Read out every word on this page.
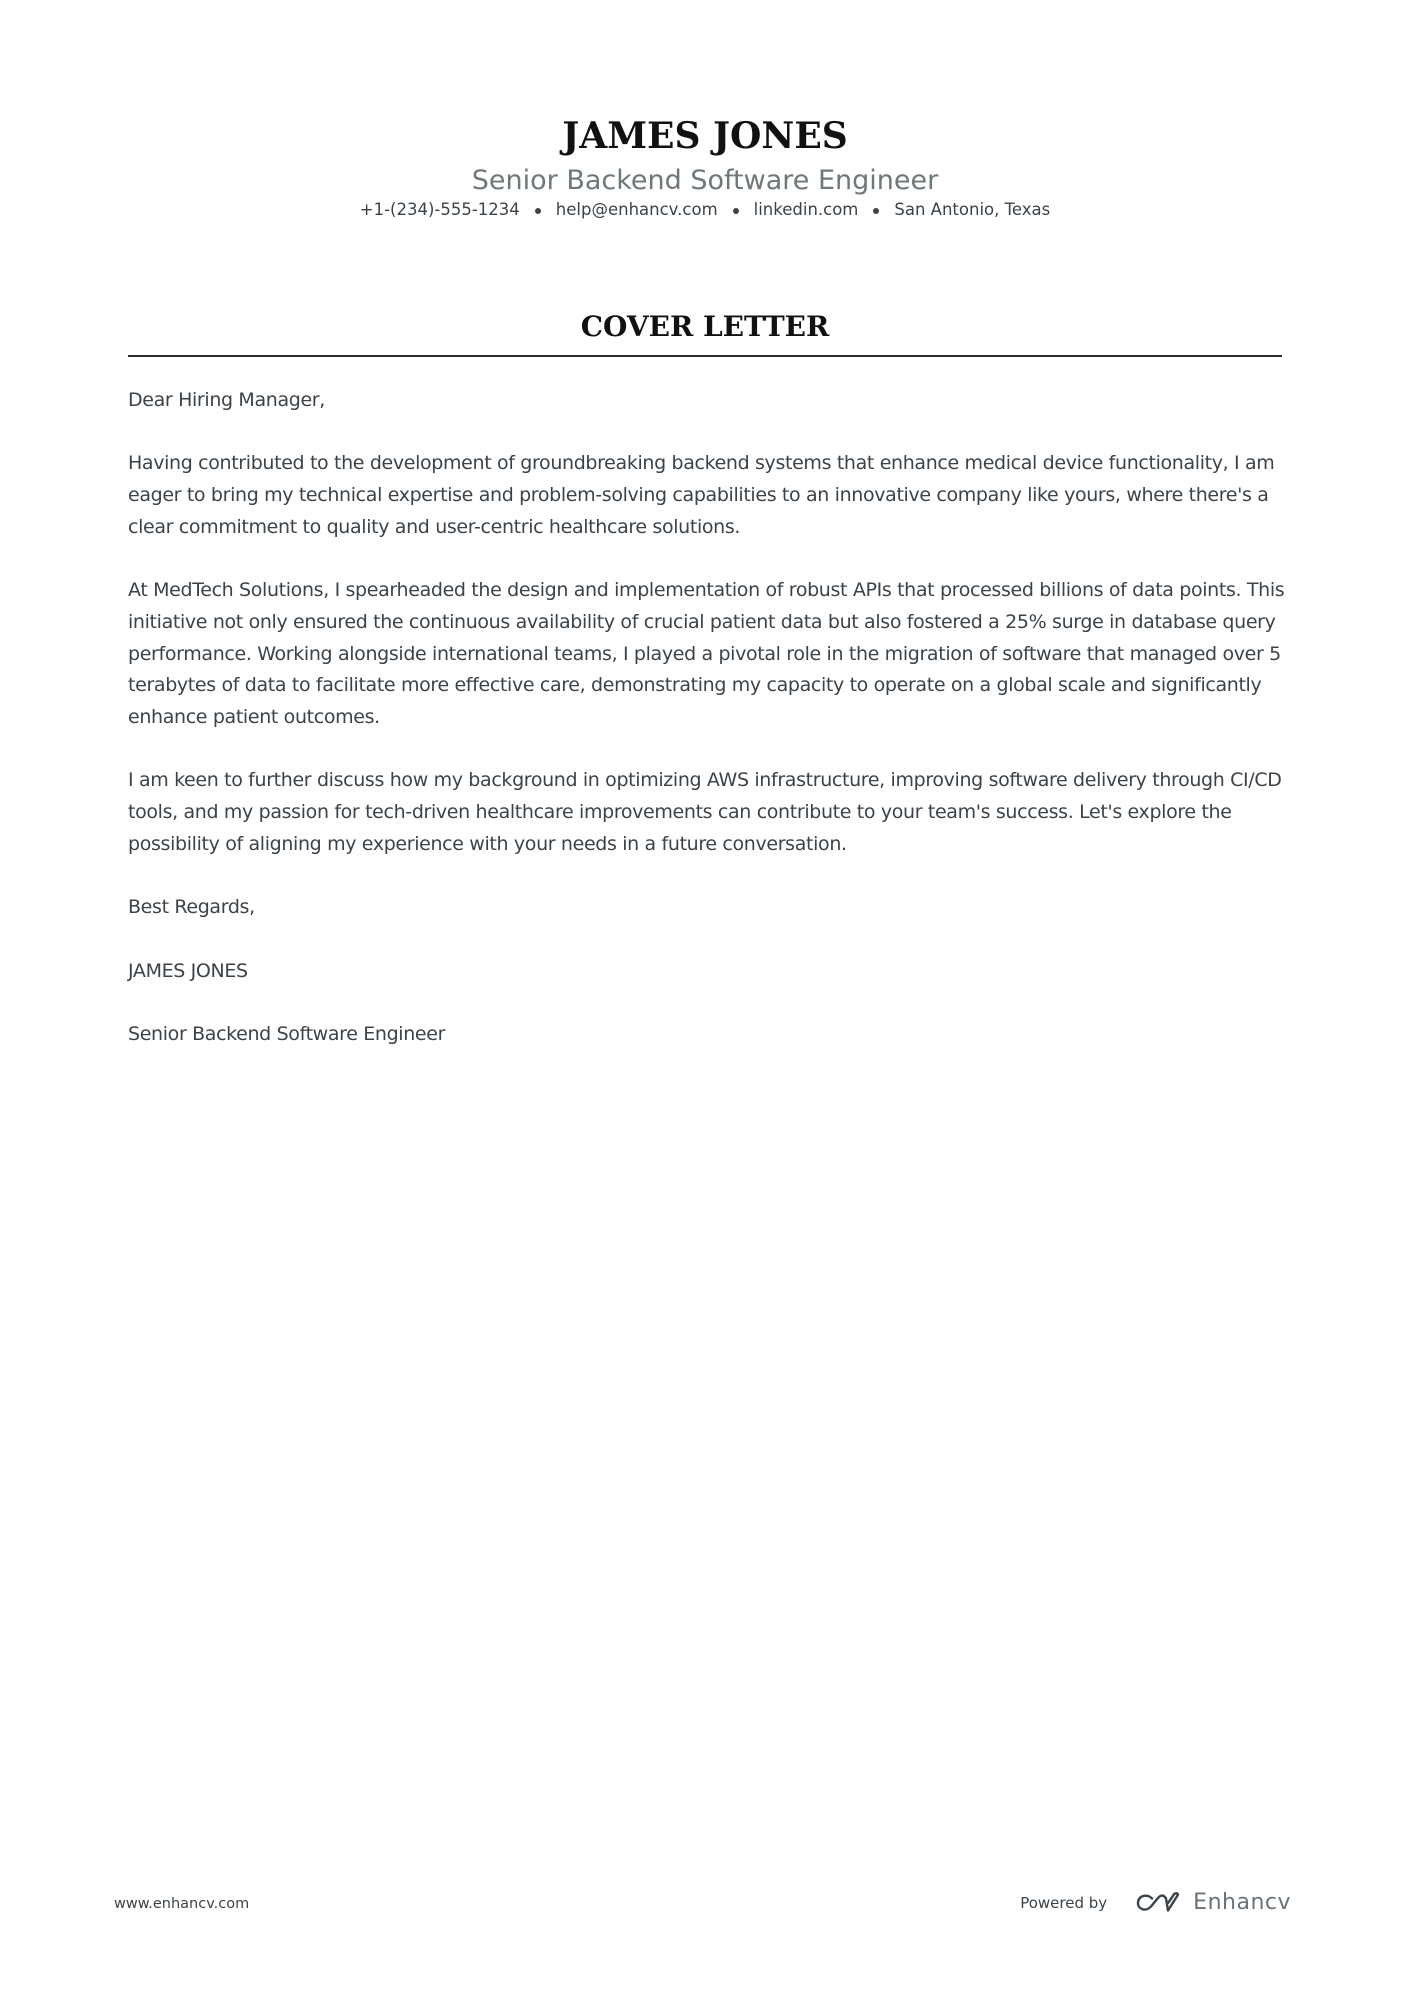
JAMES JONES
Senior Backend Software Engineer
+1-(234)-555-1234 help@enhancv.com linkedin.com San Antonio, Texas
COVER LETTER

Dear Hiring Manager,

Having contributed to the development of groundbreaking backend systems that enhance medical device functionality, I am eager to bring my technical expertise and problem-solving capabilities to an innovative company like yours, where there's a clear commitment to quality and user-centric healthcare solutions.

At MedTech Solutions, I spearheaded the design and implementation of robust APIs that processed billions of data points. This initiative not only ensured the continuous availability of crucial patient data but also fostered a 25% surge in database query performance. Working alongside international teams, I played a pivotal role in the migration of software that managed over 5 terabytes of data to facilitate more effective care, demonstrating my capacity to operate on a global scale and significantly enhance patient outcomes.

I am keen to further discuss how my background in optimizing AWS infrastructure, improving software delivery through CI/CD tools, and my passion for tech-driven healthcare improvements can contribute to your team's success. Let's explore the possibility of aligning my experience with your needs in a future conversation.

Best Regards,

JAMES JONES

Senior Backend Software Engineer

www.enhancv.com	Powered by	Enhancv
